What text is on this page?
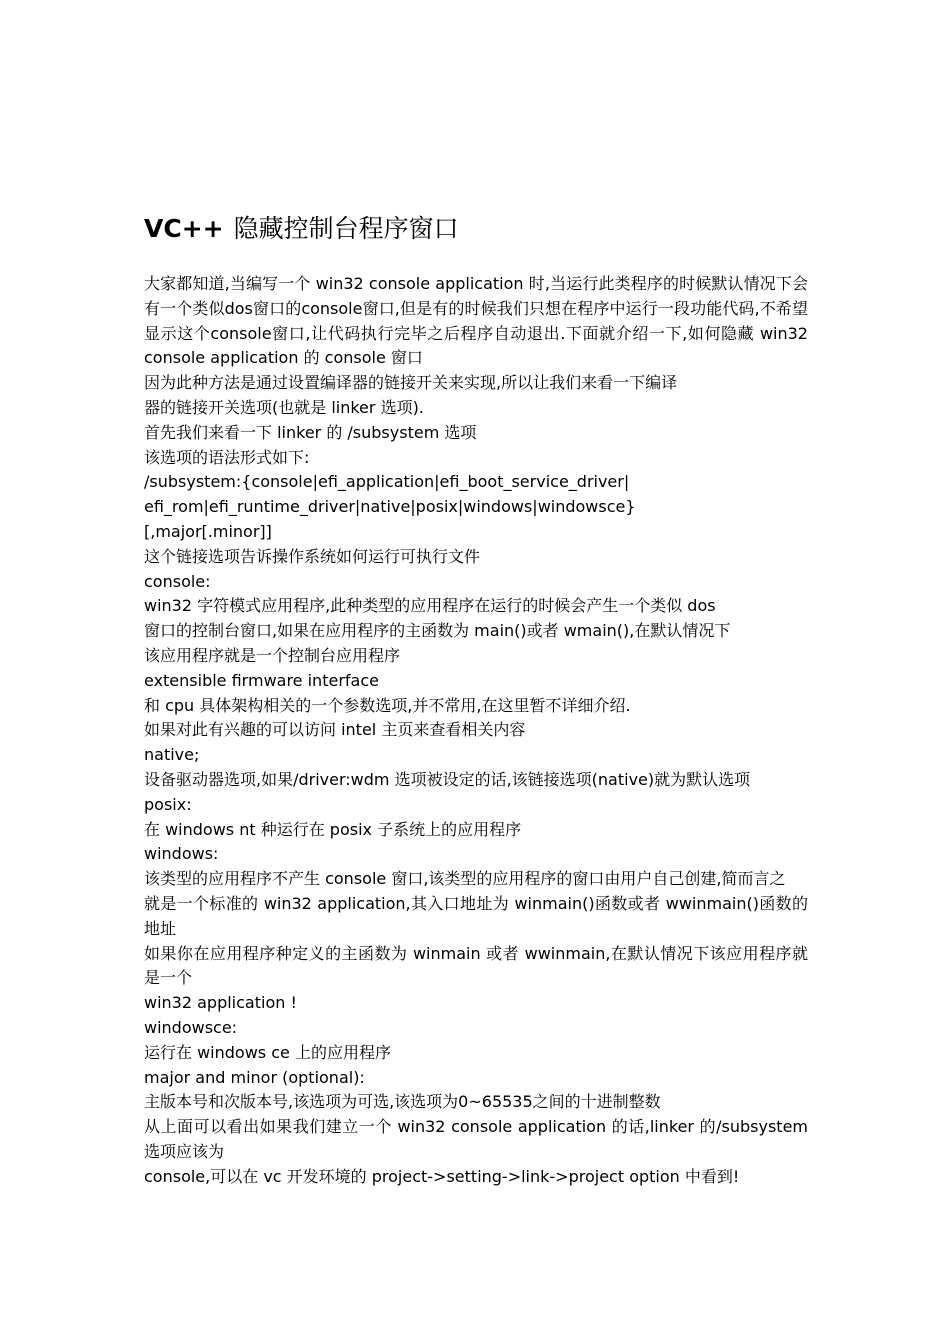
VC++ 隐藏控制台程序窗口

大家都知道,当编写一个 win32 console application 时,当运行此类程序的时候默认情况下会有一个类似dos窗口的console窗口,但是有的时候我们只想在程序中运行一段功能代码,不希望显示这个console窗口,让代码执行完毕之后程序自动退出.下面就介绍一下,如何隐藏 win32 console application 的 console 窗口

因为此种方法是通过设置编译器的链接开关来实现,所以让我们来看一下编译

器的链接开关选项(也就是 linker 选项).

首先我们来看一下 linker 的 /subsystem 选项

该选项的语法形式如下:

/subsystem:{console|efi_application|efi_boot_service_driver|

efi_rom|efi_runtime_driver|native|posix|windows|windowsce}

[,major[.minor]]

这个链接选项告诉操作系统如何运行可执行文件

console:

win32 字符模式应用程序,此种类型的应用程序在运行的时候会产生一个类似 dos

窗口的控制台窗口,如果在应用程序的主函数为 main()或者 wmain(),在默认情况下

该应用程序就是一个控制台应用程序

extensible firmware interface

和 cpu 具体架构相关的一个参数选项,并不常用,在这里暂不详细介绍.

如果对此有兴趣的可以访问 intel 主页来查看相关内容

native;

设备驱动器选项,如果/driver:wdm 选项被设定的话,该链接选项(native)就为默认选项

posix:

在 windows nt 种运行在 posix 子系统上的应用程序

windows:

该类型的应用程序不产生 console 窗口,该类型的应用程序的窗口由用户自己创建,简而言之

就是一个标准的 win32 application,其入口地址为 winmain()函数或者 wwinmain()函数的地址

如果你在应用程序种定义的主函数为 winmain 或者 wwinmain,在默认情况下该应用程序就是一个

win32 application !

windowsce:

运行在 windows ce 上的应用程序

major and minor (optional):

主版本号和次版本号,该选项为可选,该选项为0~65535之间的十进制整数

从上面可以看出如果我们建立一个 win32 console application 的话,linker 的/subsystem 选项应该为

console,可以在 vc 开发环境的 project->setting->link->project option 中看到!
